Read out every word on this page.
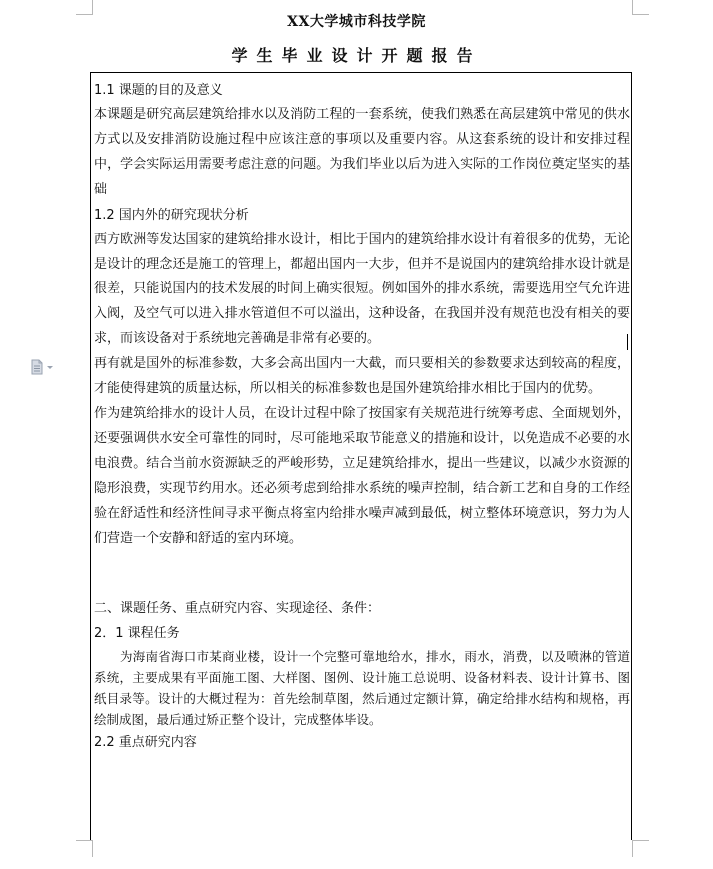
XX大学城市科技学院
学生毕业设计开题报告

1.1 课题的目的及意义

本课题是研究高层建筑给排水以及消防工程的一套系统，使我们熟悉在高层建筑中常见的供水方式以及安排消防设施过程中应该注意的事项以及重要内容。从这套系统的设计和安排过程中，学会实际运用需要考虑注意的问题。为我们毕业以后为进入实际的工作岗位奠定坚实的基础

1.2 国内外的研究现状分析

西方欧洲等发达国家的建筑给排水设计，相比于国内的建筑给排水设计有着很多的优势，无论是设计的理念还是施工的管理上，都超出国内一大步，但并不是说国内的建筑给排水设计就是很差，只能说国内的技术发展的时间上确实很短。例如国外的排水系统，需要选用空气允许进入阀，及空气可以进入排水管道但不可以溢出，这种设备，在我国并没有规范也没有相关的要求，而该设备对于系统地完善确是非常有必要的。

再有就是国外的标准参数，大多会高出国内一大截，而只要相关的参数要求达到较高的程度，才能使得建筑的质量达标，所以相关的标准参数也是国外建筑给排水相比于国内的优势。

作为建筑给排水的设计人员，在设计过程中除了按国家有关规范进行统筹考虑、全面规划外，还要强调供水安全可靠性的同时，尽可能地采取节能意义的措施和设计，以免造成不必要的水电浪费。结合当前水资源缺乏的严峻形势，立足建筑给排水，提出一些建议，以减少水资源的隐形浪费，实现节约用水。还必须考虑到给排水系统的噪声控制，结合新工艺和自身的工作经验在舒适性和经济性间寻求平衡点将室内给排水噪声减到最低，树立整体环境意识，努力为人们营造一个安静和舒适的室内环境。

二、课题任务、重点研究内容、实现途径、条件：

2．1 课程任务

为海南省海口市某商业楼，设计一个完整可靠地给水，排水，雨水，消费，以及喷淋的管道系统，主要成果有平面施工图、大样图、图例、设计施工总说明、设备材料表、设计计算书、图纸目录等。设计的大概过程为：首先绘制草图，然后通过定额计算，确定给排水结构和规格，再绘制成图，最后通过矫正整个设计，完成整体毕设。

2.2 重点研究内容
